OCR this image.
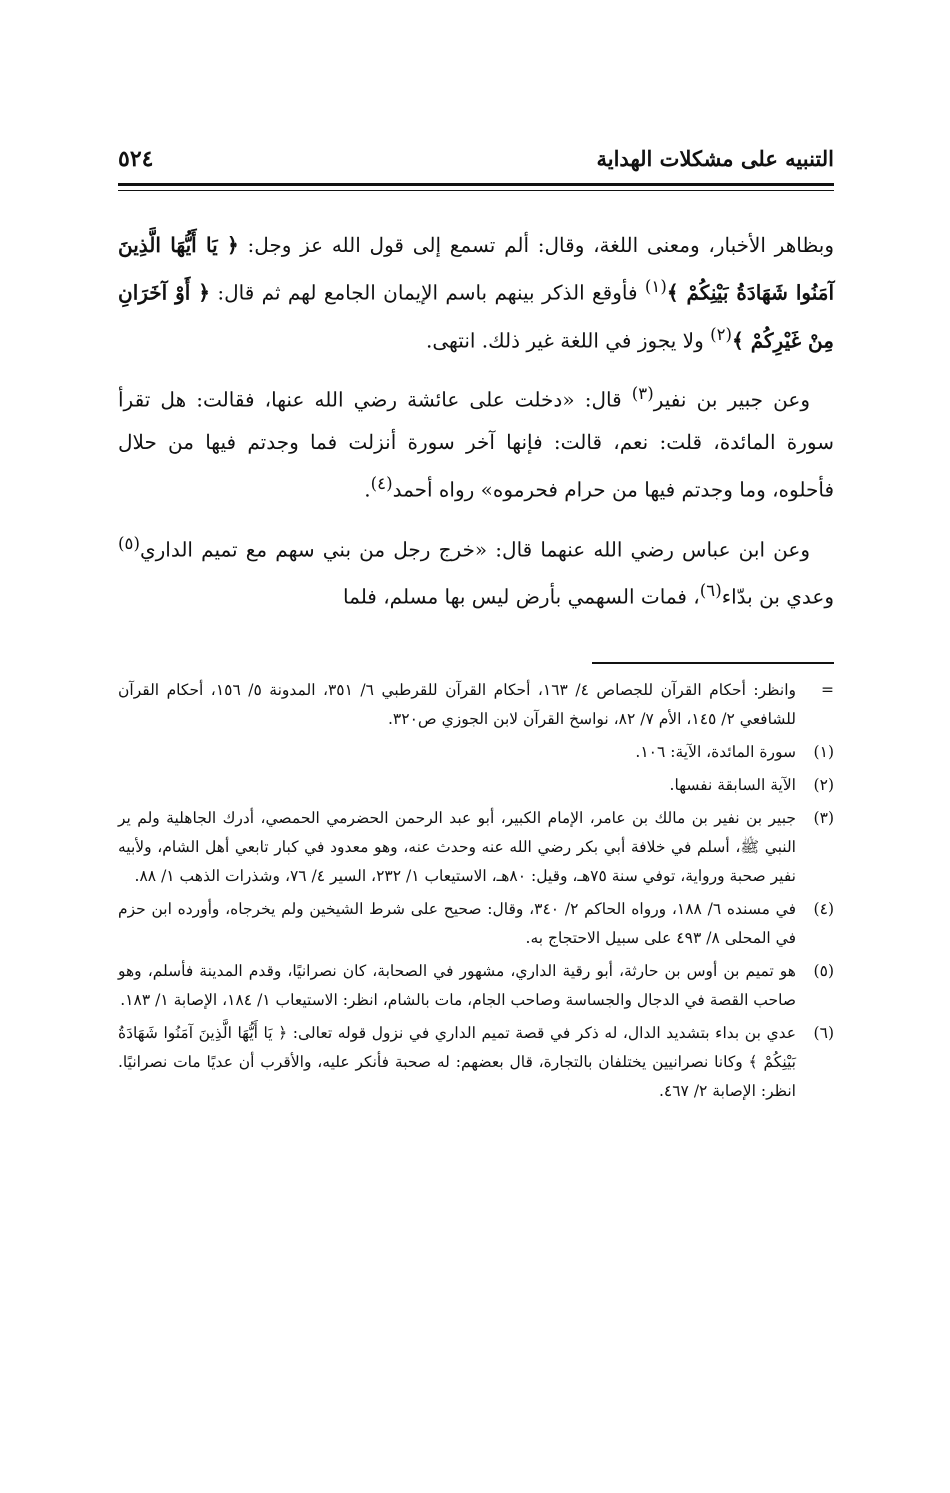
التنبيه على مشكلات الهداية
٥٢٤

وبظاهر الأخبار، ومعنى اللغة، وقال: ألم تسمع إلى قول الله عز وجل: ﴿ يَا أَيُّهَا الَّذِينَ آمَنُوا شَهَادَةُ بَيْنِكُمْ ﴾$^{(١)}$ فأوقع الذكر بينهم باسم الإيمان الجامع لهم ثم قال: ﴿ أَوْ آخَرَانِ مِنْ غَيْرِكُمْ ﴾$^{(٢)}$ ولا يجوز في اللغة غير ذلك. انتهى.

وعن جبير بن نفير$^{(٣)}$ قال: «دخلت على عائشة رضي الله عنها، فقالت: هل تقرأ سورة المائدة، قلت: نعم، قالت: فإنها آخر سورة أنزلت فما وجدتم فيها من حلال فأحلوه، وما وجدتم فيها من حرام فحرموه» رواه أحمد$^{(٤)}$.

وعن ابن عباس رضي الله عنهما قال: «خرج رجل من بني سهم مع تميم الداري$^{(٥)}$ وعدي بن بدّاء$^{(٦)}$، فمات السهمي بأرض ليس بها مسلم، فلما

=
وانظر: أحكام القرآن للجصاص ٤/ ١٦٣، أحكام القرآن للقرطبي ٦/ ٣٥١، المدونة ٥/ ١٥٦، أحكام القرآن للشافعي ٢/ ١٤٥، الأم ٧/ ٨٢، نواسخ القرآن لابن الجوزي ص٣٢٠.
(١)
سورة المائدة، الآية: ١٠٦.
(٢)
الآية السابقة نفسها.
(٣)
جبير بن نفير بن مالك بن عامر، الإمام الكبير، أبو عبد الرحمن الحضرمي الحمصي، أدرك الجاهلية ولم ير النبي ﷺ، أسلم في خلافة أبي بكر رضي الله عنه وحدث عنه، وهو معدود في كبار تابعي أهل الشام، ولأبيه نفير صحبة ورواية، توفي سنة ٧٥هـ، وقيل: ٨٠هـ، الاستيعاب ١/ ٢٣٢، السير ٤/ ٧٦، وشذرات الذهب ١/ ٨٨.
(٤)
في مسنده ٦/ ١٨٨، ورواه الحاكم ٢/ ٣٤٠، وقال: صحيح على شرط الشيخين ولم يخرجاه، وأورده ابن حزم في المحلى ٨/ ٤٩٣ على سبيل الاحتجاج به.
(٥)
هو تميم بن أوس بن حارثة، أبو رقية الداري، مشهور في الصحابة، كان نصرانيًا، وقدم المدينة فأسلم، وهو صاحب القصة في الدجال والجساسة وصاحب الجام، مات بالشام، انظر: الاستيعاب ١/ ١٨٤، الإصابة ١/ ١٨٣.
(٦)
عدي بن بداء بتشديد الدال، له ذكر في قصة تميم الداري في نزول قوله تعالى: ﴿ يَا أَيُّهَا الَّذِينَ آمَنُوا شَهَادَةُ بَيْنِكُمْ ﴾ وكانا نصرانيين يختلفان بالتجارة، قال بعضهم: له صحبة فأنكر عليه، والأقرب أن عديًا مات نصرانيًا. انظر: الإصابة ٢/ ٤٦٧.
